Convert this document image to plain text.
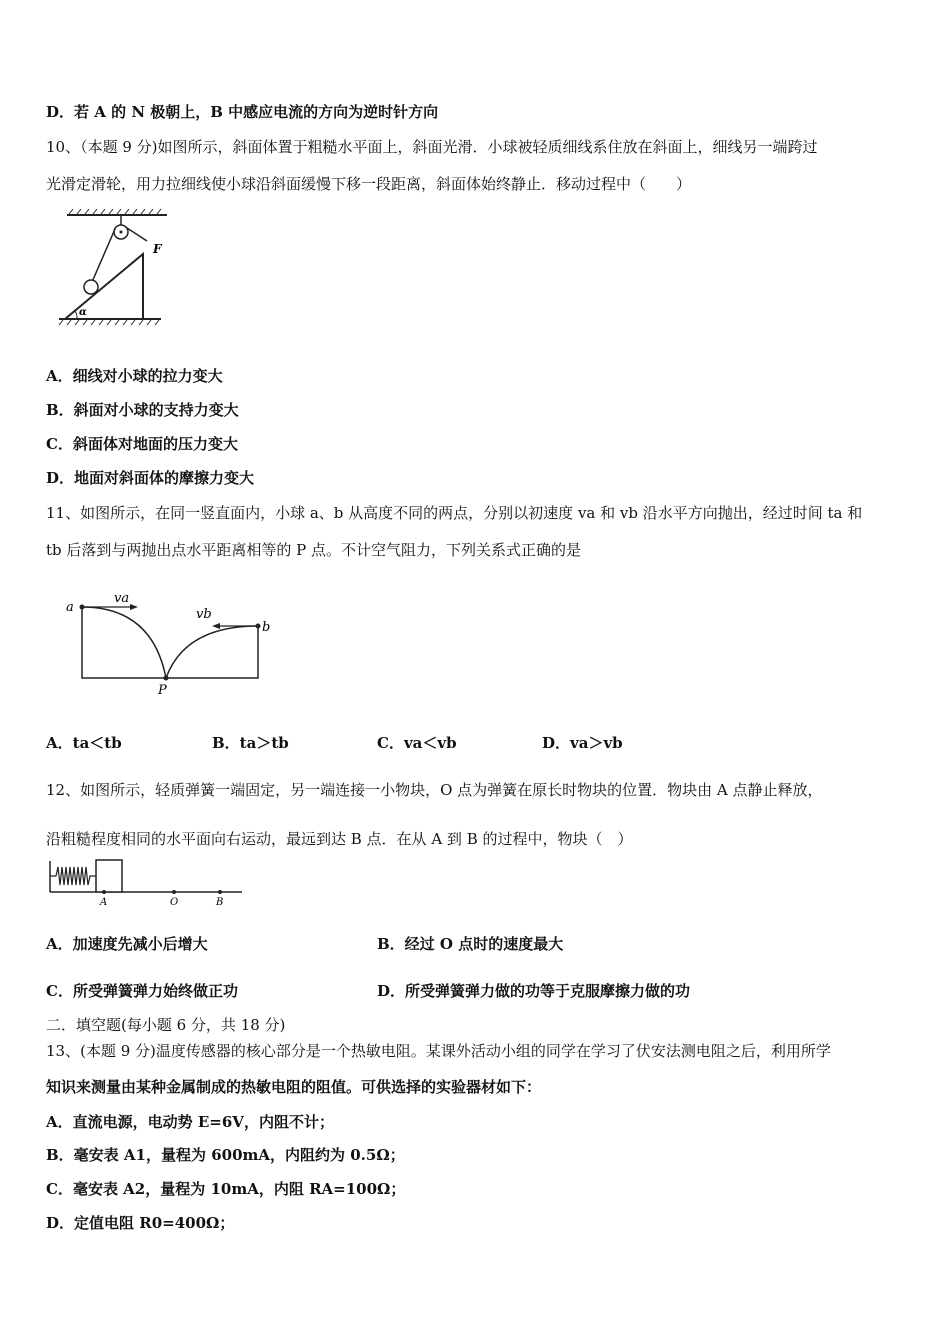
D．若 A 的 N 极朝上，B 中感应电流的方向为逆时针方向
10、（本题 9 分)如图所示，斜面体置于粗糙水平面上，斜面光滑．小球被轻质细线系住放在斜面上，细线另一端跨过
光滑定滑轮，用力拉细线使小球沿斜面缓慢下移一段距离，斜面体始终静止．移动过程中（　　）
F
α
A．细线对小球的拉力变大
B．斜面对小球的支持力变大
C．斜面体对地面的压力变大
D．地面对斜面体的摩擦力变大
11、如图所示，在同一竖直面内，小球 a、b 从高度不同的两点，分别以初速度 va 和 vb 沿水平方向抛出，经过时间 ta 和
tb 后落到与两抛出点水平距离相等的 P 点。不计空气阻力，下列关系式正确的是
a
va
b
vb
P
A．ta＜tb	B．ta＞tb	C．va＜vb	D．va＞vb
12、如图所示，轻质弹簧一端固定，另一端连接一小物块，O 点为弹簧在原长时物块的位置．物块由 A 点静止释放，
沿粗糙程度相同的水平面向右运动，最远到达 B 点．在从 A 到 B 的过程中，物块（　）
A	O	B
A．加速度先减小后增大	B．经过 O 点时的速度最大
C．所受弹簧弹力始终做正功	D．所受弹簧弹力做的功等于克服摩擦力做的功
二．填空题(每小题 6 分，共 18 分)
13、(本题 9 分)温度传感器的核心部分是一个热敏电阻。某课外活动小组的同学在学习了伏安法测电阻之后，利用所学
知识来测量由某种金属制成的热敏电阻的阻值。可供选择的实验器材如下：
A．直流电源，电动势 E=6V，内阻不计；
B．毫安表 A1，量程为 600mA，内阻约为 0.5Ω；
C．毫安表 A2，量程为 10mA，内阻 RA=100Ω；
D．定值电阻 R0=400Ω；
